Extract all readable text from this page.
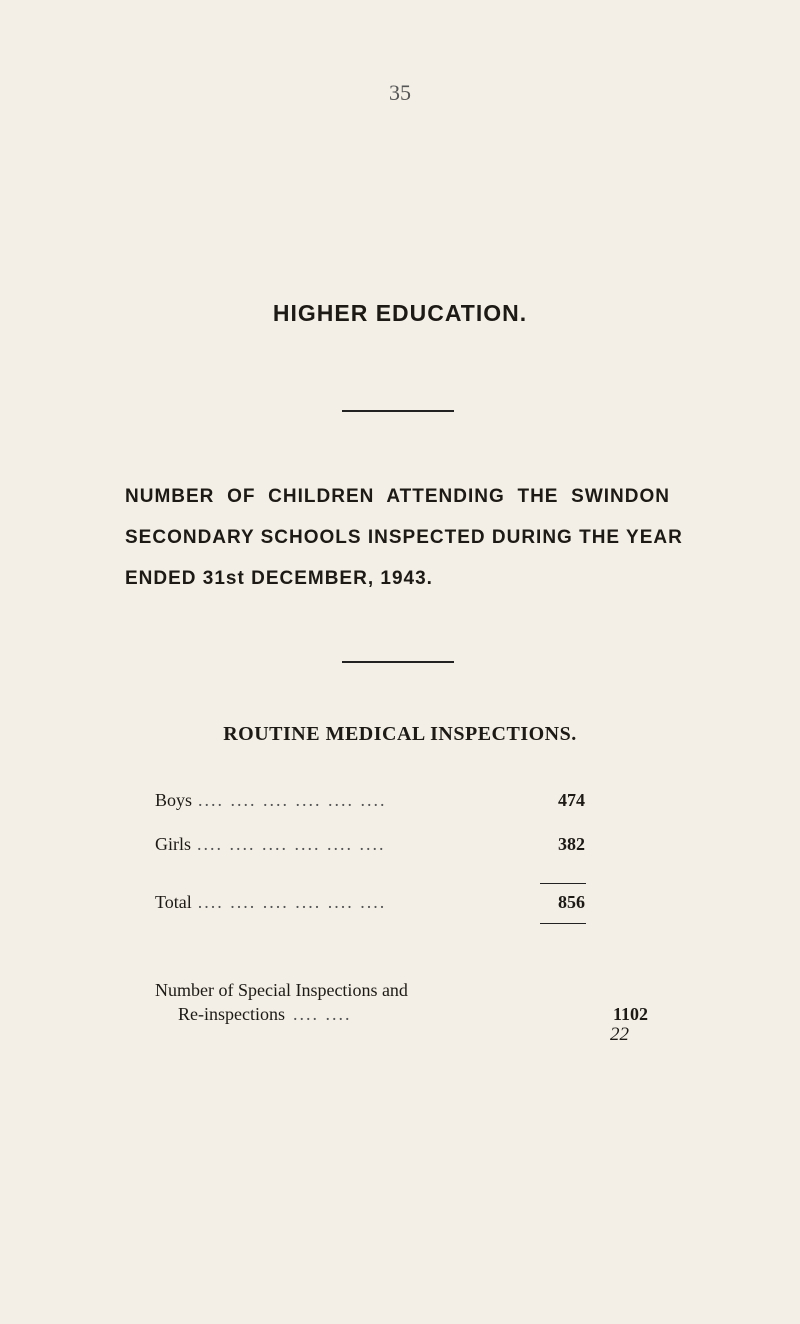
35
HIGHER EDUCATION.
NUMBER OF CHILDREN ATTENDING THE SWINDON
SECONDARY SCHOOLS INSPECTED DURING THE YEAR
ENDED 31st DECEMBER, 1943.
ROUTINE MEDICAL INSPECTIONS.
Boys .... .... .... .... .... ....	474
Girls .... .... .... .... .... ....	382
Total .... .... .... .... .... ....	856
Number of Special Inspections and
Re-inspections .... ....	1102
22
